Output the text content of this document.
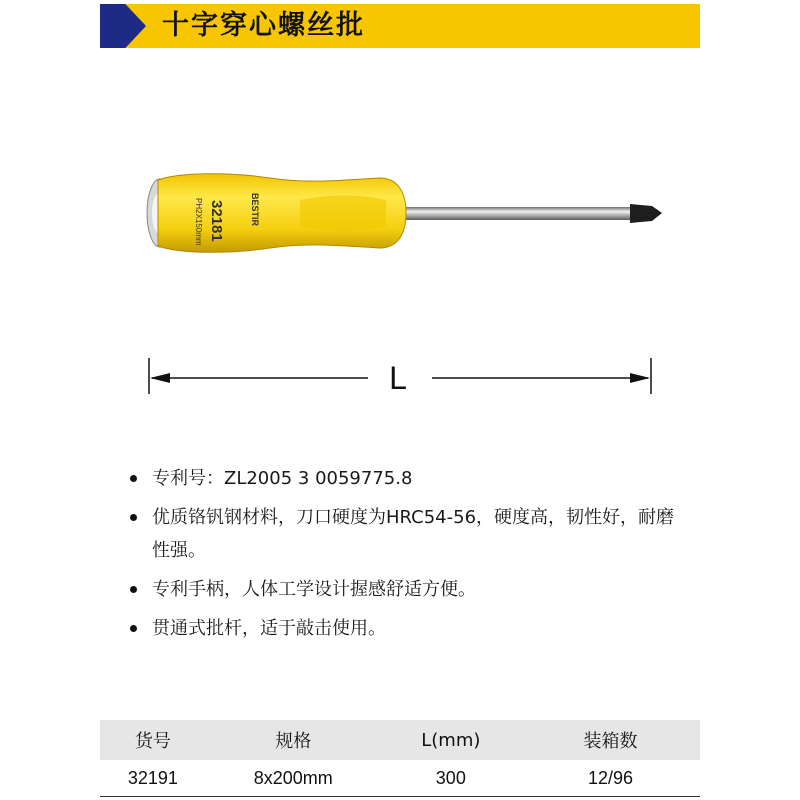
十字穿心螺丝批
32181
PH2X150mm	BESTIR
L
专利号：ZL2005 3 0059775.8
优质铬钒钢材料，刀口硬度为HRC54-56，硬度高，韧性好，耐磨性强。
专利手柄，人体工学设计握感舒适方便。
贯通式批杆，适于敲击使用。
货号	规格	L(mm)	装箱数
32191	8x200mm	300	12/96
